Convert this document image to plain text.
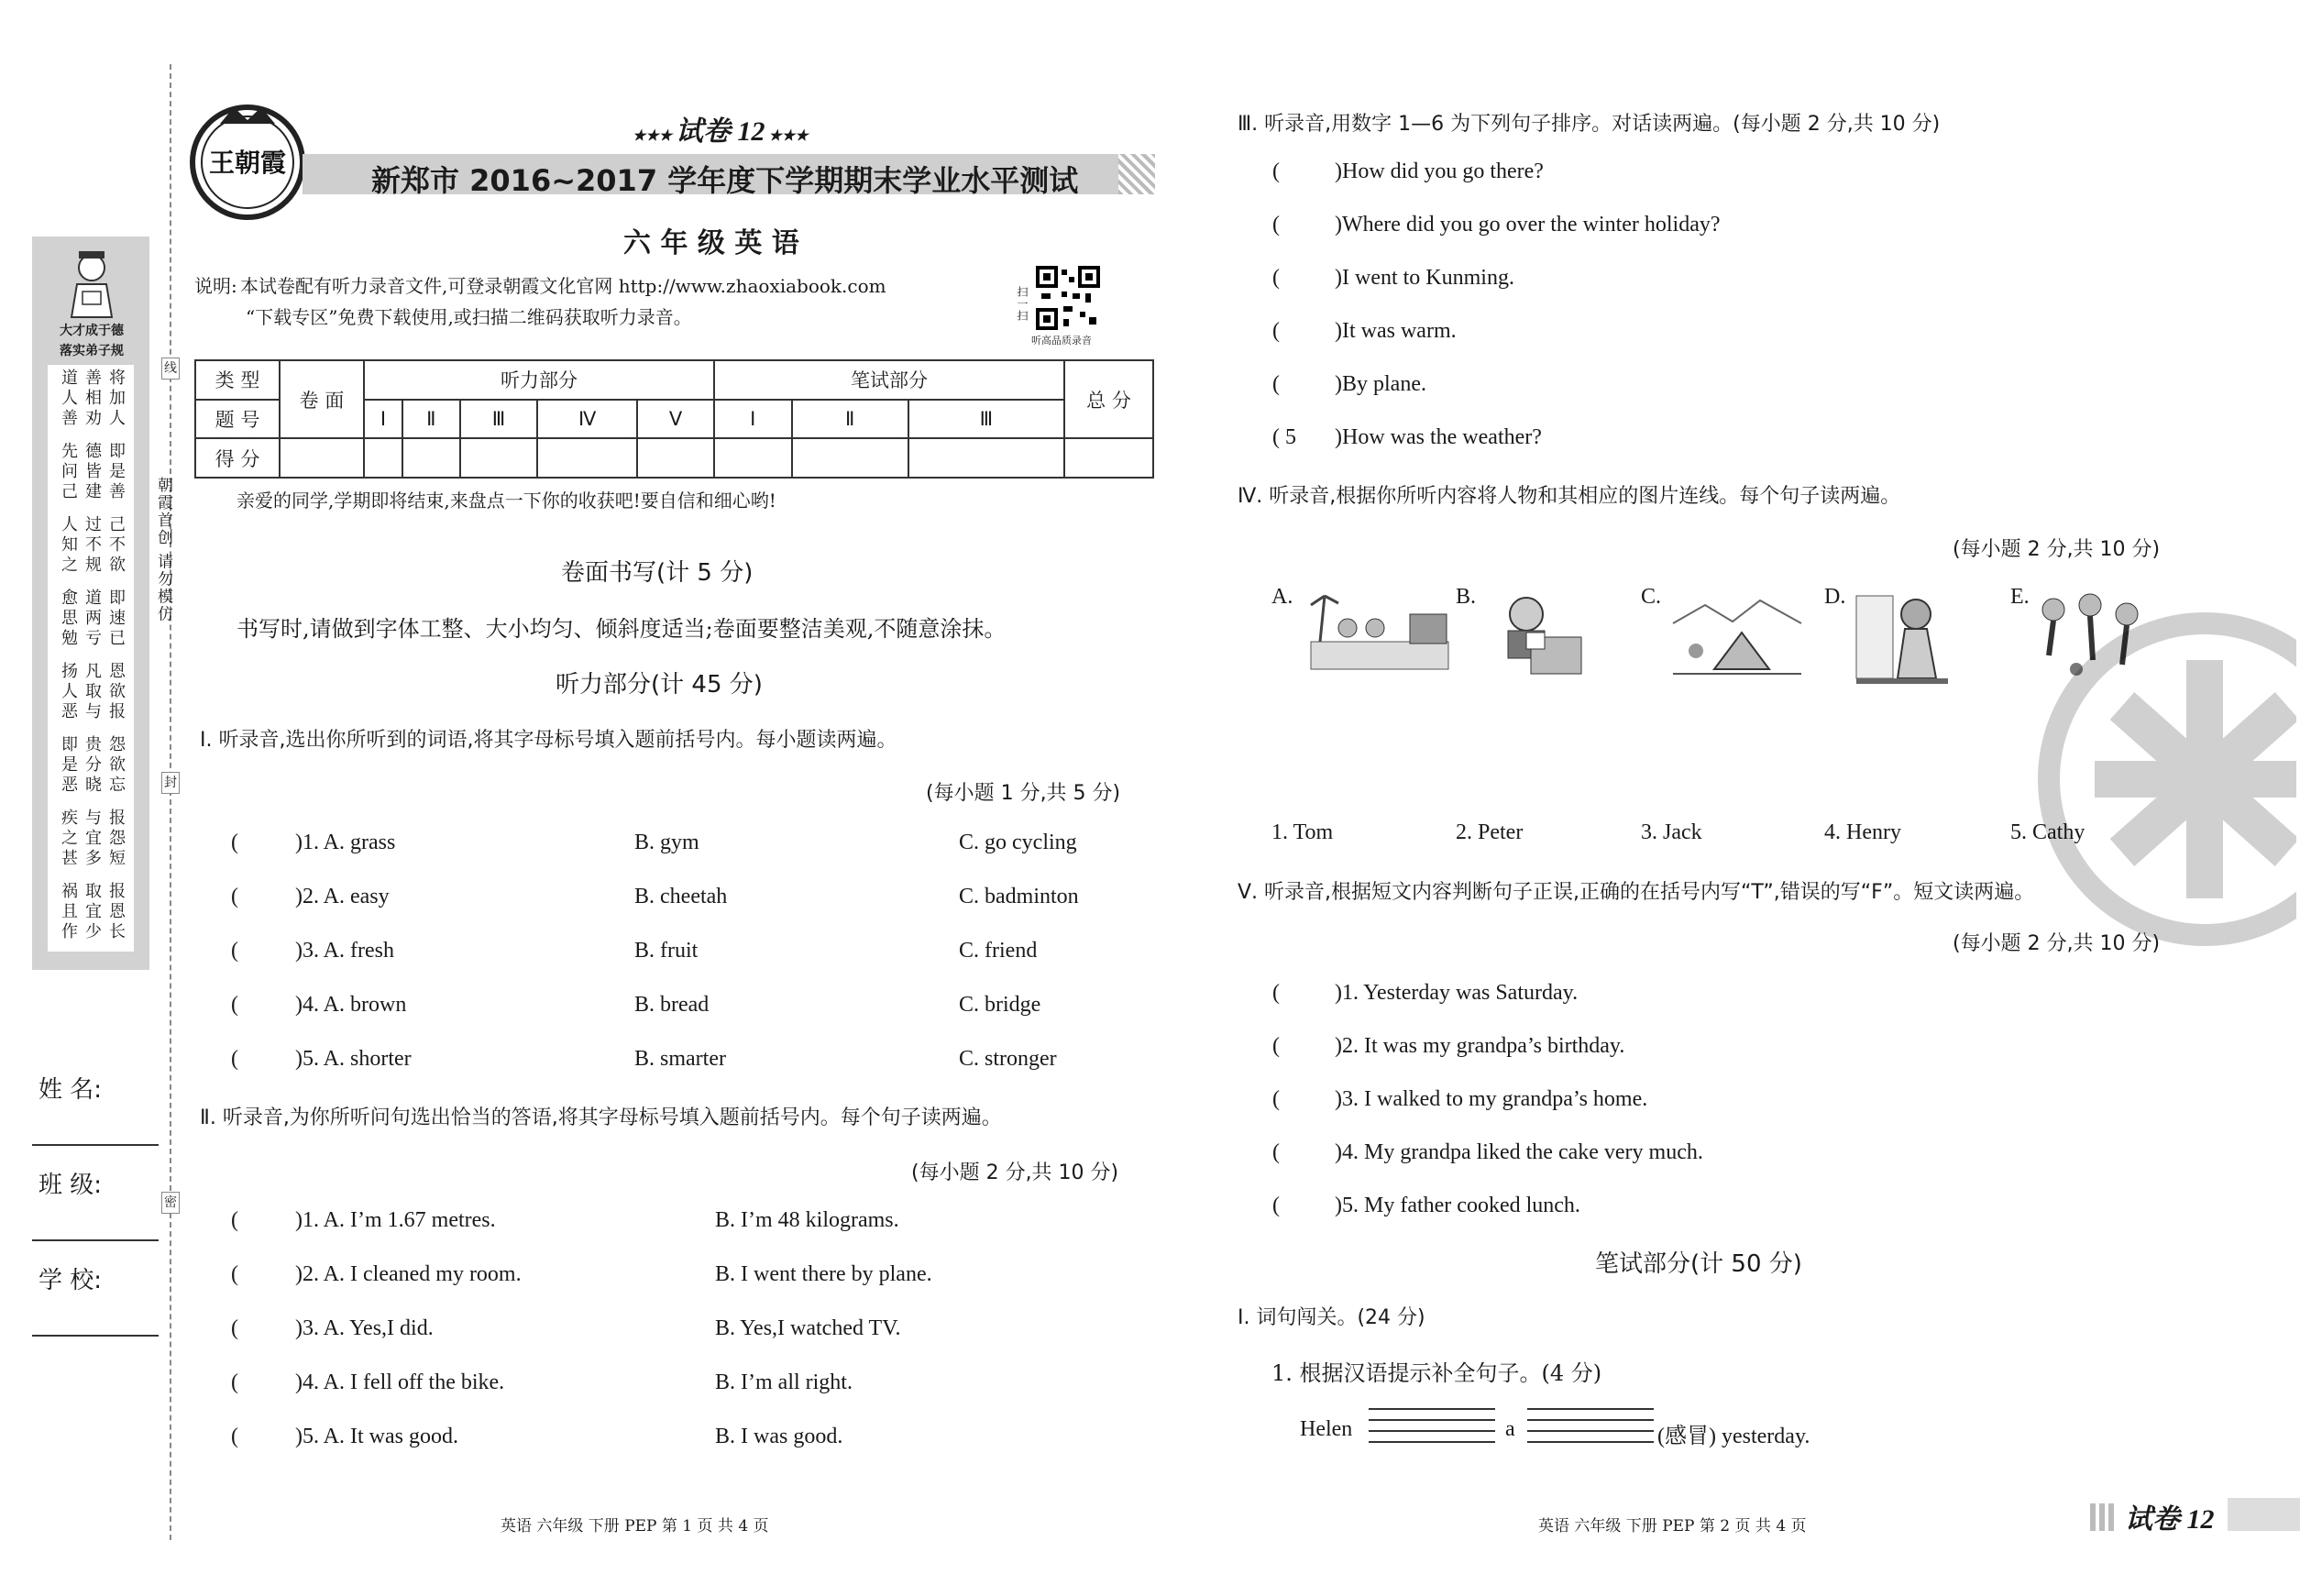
线
封
密
朝霞首创 请勿模仿
大才成于德
落实弟子规
将加人
善相劝
道人善
即是善
德皆建
先问己
己不欲
过不规
人知之
即速已
道两亏
愈思勉
恩欲报
凡取与
扬人恶
怨欲忘
贵分晓
即是恶
报怨短
与宜多
疾之甚
报恩长
取宜少
祸且作
姓 名:
班 级:
学 校:
王朝霞
★★★ 试卷 12 ★★★
新郑市 2016~2017 学年度下学期期末学业水平测试
六 年 级 英 语
说明: 本试卷配有听力录音文件,可登录朝霞文化官网 http://www.zhaoxiabook.com
“下载专区”免费下载使用,或扫描二维码获取听力录音。	扫一扫
听高品质录音
类 型	卷 面	听力部分					笔试部分			总 分
题 号		Ⅰ	Ⅱ	Ⅲ	Ⅳ	Ⅴ	Ⅰ	Ⅱ	Ⅲ	
得 分										
亲爱的同学,学期即将结束,来盘点一下你的收获吧!要自信和细心哟!
卷面书写(计 5 分)
书写时,请做到字体工整、大小均匀、倾斜度适当;卷面要整洁美观,不随意涂抹。
听力部分(计 45 分)
Ⅰ. 听录音,选出你所听到的词语,将其字母标号填入题前括号内。每小题读两遍。
(每小题 1 分,共 5 分)
(	)1. A. grass	B. gym	C. go cycling
(	)2. A. easy	B. cheetah	C. badminton
(	)3. A. fresh	B. fruit	C. friend
(	)4. A. brown	B. bread	C. bridge
(	)5. A. shorter	B. smarter	C. stronger
Ⅱ. 听录音,为你所听问句选出恰当的答语,将其字母标号填入题前括号内。每个句子读两遍。
(每小题 2 分,共 10 分)
(	)1. A. I’m 1.67 metres.	B. I’m 48 kilograms.
(	)2. A. I cleaned my room.	B. I went there by plane.
(	)3. A. Yes,I did.	B. Yes,I watched TV.
(	)4. A. I fell off the bike.	B. I’m all right.
(	)5. A. It was good.	B. I was good.
Ⅲ. 听录音,用数字 1—6 为下列句子排序。对话读两遍。(每小题 2 分,共 10 分)
(	)How did you go there?
(	)Where did you go over the winter holiday?
(	)I went to Kunming.
(	)It was warm.
(	)By plane.
( 5 )How was the weather?
Ⅳ. 听录音,根据你所听内容将人物和其相应的图片连线。每个句子读两遍。
(每小题 2 分,共 10 分)
A.	B.	C.	D.	E.
1. Tom	2. Peter	3. Jack	4. Henry	5. Cathy
Ⅴ. 听录音,根据短文内容判断句子正误,正确的在括号内写“T”,错误的写“F”。短文读两遍。
(每小题 2 分,共 10 分)
(	)1. Yesterday was Saturday.
(	)2. It was my grandpa’s birthday.
(	)3. I walked to my grandpa’s home.
(	)4. My grandpa liked the cake very much.
(	)5. My father cooked lunch.
笔试部分(计 50 分)
Ⅰ. 词句闯关。(24 分)
1. 根据汉语提示补全句子。(4 分)
Helen	a	(感冒) yesterday.
英语 六年级 下册 PEP 第 1 页 共 4 页	英语 六年级 下册 PEP 第 2 页 共 4 页	试卷 12
